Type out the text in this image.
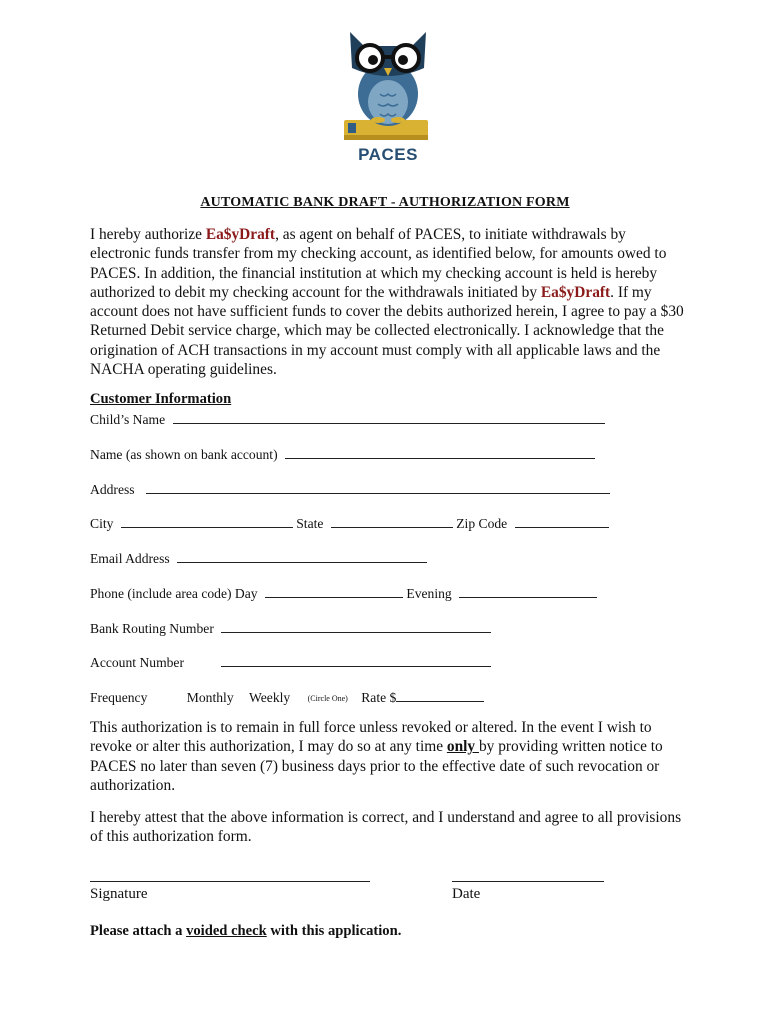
PACES
AUTOMATIC BANK DRAFT - AUTHORIZATION FORM

I hereby authorize Ea$yDraft, as agent on behalf of PACES, to initiate withdrawals by electronic funds transfer from my checking account, as identified below, for amounts owed to PACES. In addition, the financial institution at which my checking account is held is hereby authorized to debit my checking account for the withdrawals initiated by Ea$yDraft. If my account does not have sufficient funds to cover the debits authorized herein, I agree to pay a $30 Returned Debit service charge, which may be collected electronically. I acknowledge that the origination of ACH transactions in my account must comply with all applicable laws and the NACHA operating guidelines.

Customer Information
Child’s Name
Name (as shown on bank account)
Address
City	State	Zip Code
Email Address
Phone (include area code) Day	Evening
Bank Routing Number
Account Number
Frequency	Monthly Weekly (Circle One) Rate $

This authorization is to remain in full force unless revoked or altered. In the event I wish to revoke or alter this authorization, I may do so at any time only by providing written notice to PACES no later than seven (7) business days prior to the effective date of such revocation or authorization.

I hereby attest that the above information is correct, and I understand and agree to all provisions of this authorization form.

Signature	Date
Please attach a voided check with this application.
